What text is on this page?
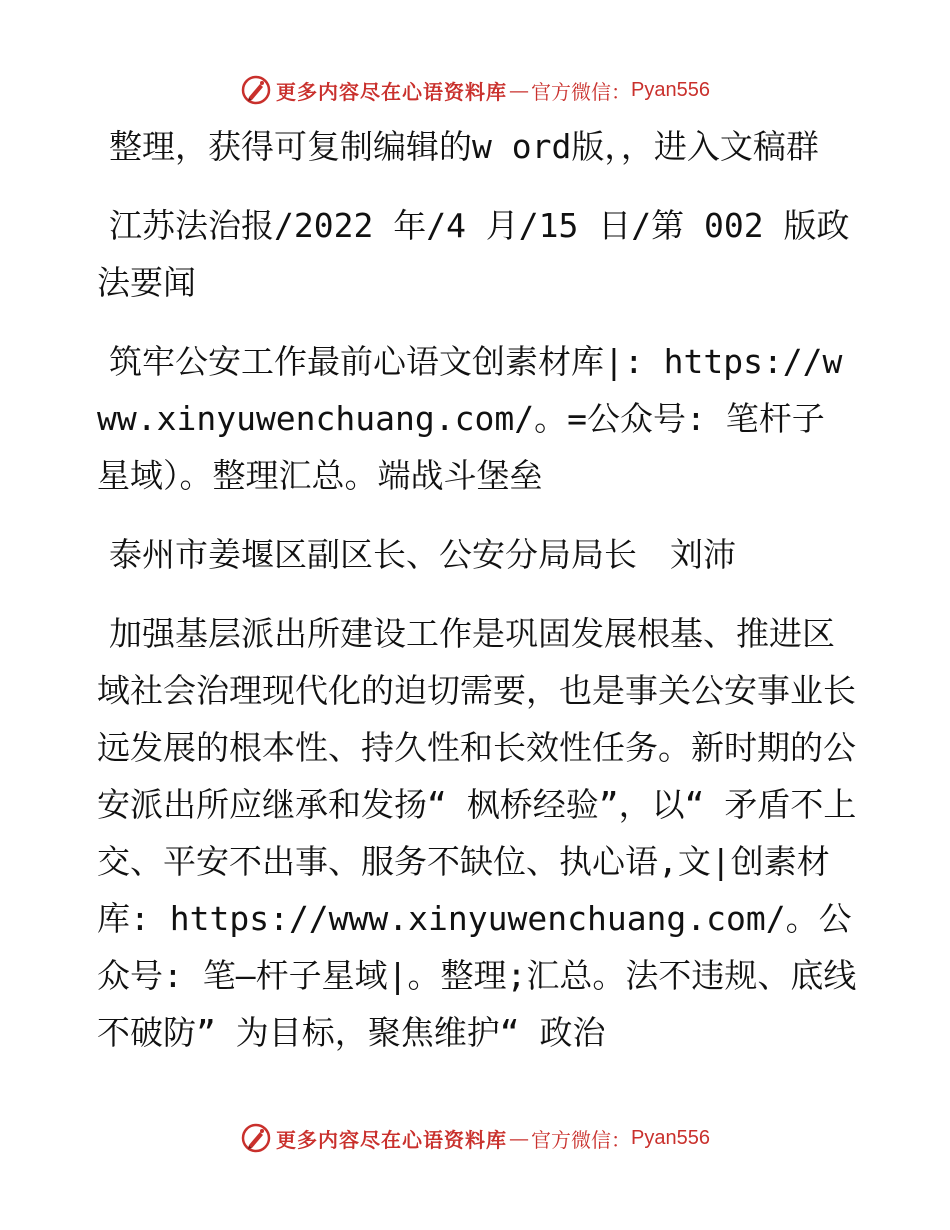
更多内容尽在心语资料库 — 官方微信： Pyan556

整理，获得可复制编辑的w ord版，，进入文稿群

江苏法治报/2022 年/4 月/15 日/第 002 版政法要闻

筑牢公安工作最前心语文创素材库|: https://www.xinyuwenchuang.com/。=公众号: 笔杆子星域）。整理汇总。端战斗堡垒

泰州市姜堰区副区长、公安分局局长　刘沛

加强基层派出所建设工作是巩固发展根基、推进区域社会治理现代化的迫切需要，也是事关公安事业长远发展的根本性、持久性和长效性任务。新时期的公安派出所应继承和发扬“ 枫桥经验”，以“ 矛盾不上交、平安不出事、服务不缺位、执心语,文|创素材库: https://www.xinyuwenchuang.com/。公众号: 笔—杆子星域|。整理;汇总。法不违规、底线不破防” 为目标，聚焦维护“ 政治

更多内容尽在心语资料库 — 官方微信： Pyan556
